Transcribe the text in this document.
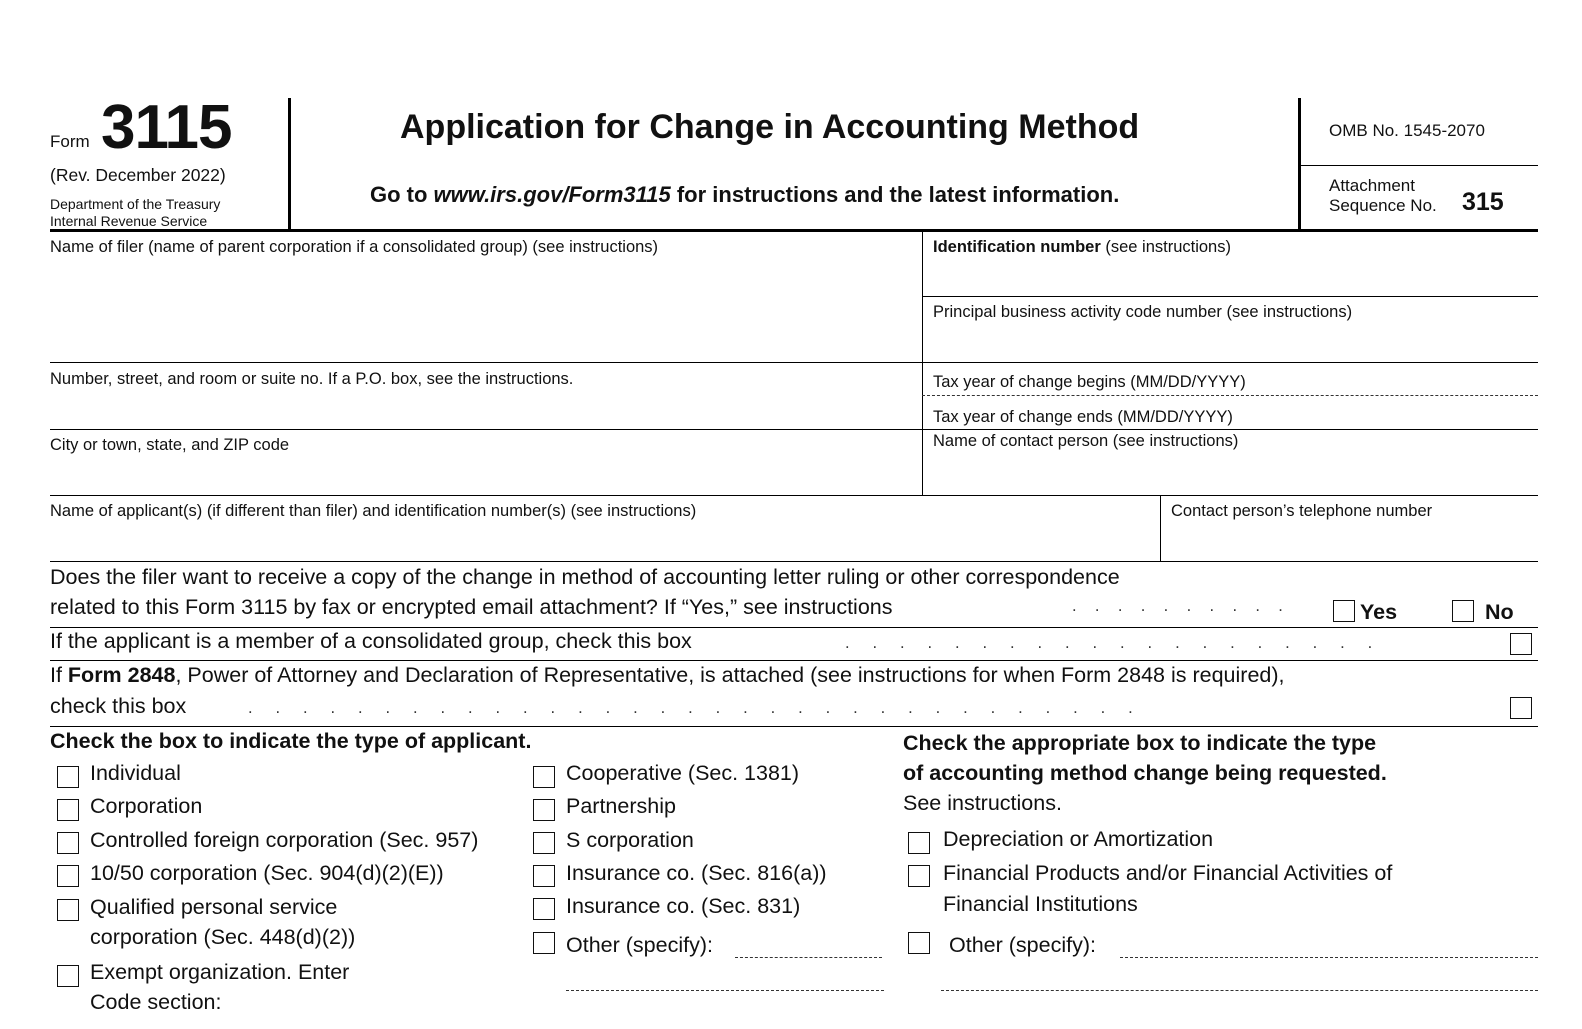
Form 3115
(Rev. December 2022)
Department of the Treasury
Internal Revenue Service
Application for Change in Accounting Method
Go to www.irs.gov/Form3115 for instructions and the latest information.
OMB No. 1545-2070
Attachment
Sequence No. 315
Name of filer (name of parent corporation if a consolidated group) (see instructions)	Identification number (see instructions)
Principal business activity code number (see instructions)
Number, street, and room or suite no. If a P.O. box, see the instructions.	Tax year of change begins (MM/DD/YYYY)
Tax year of change ends (MM/DD/YYYY)
City or town, state, and ZIP code	Name of contact person (see instructions)
Name of applicant(s) (if different than filer) and identification number(s) (see instructions)	Contact person’s telephone number
Does the filer want to receive a copy of the change in method of accounting letter ruling or other correspondence
related to this Form 3115 by fax or encrypted email attachment? If “Yes,” see instructions	.    .    .    .    .    .    .    .    .    .	Yes	No
If the applicant is a member of a consolidated group, check this box	.     .     .     .     .     .     .     .     .     .     .     .     .     .     .     .     .     .     .     .
If Form 2848, Power of Attorney and Declaration of Representative, is attached (see instructions for when Form 2848 is required),
check this box	.     .     .     .     .     .     .     .     .     .     .     .     .     .     .     .     .     .     .     .     .     .     .     .     .     .     .     .     .     .     .     .     .
Check the box to indicate the type of applicant.
Individual
Corporation
Controlled foreign corporation (Sec. 957)
10/50 corporation (Sec. 904(d)(2)(E))
Qualified personal service
corporation (Sec. 448(d)(2))
Exempt organization. Enter
Code section:
Cooperative (Sec. 1381)
Partnership
S corporation
Insurance co. (Sec. 816(a))
Insurance co. (Sec. 831)
Other (specify):
Check the appropriate box to indicate the type
of accounting method change being requested.
See instructions.
Depreciation or Amortization
Financial Products and/or Financial Activities of
Financial Institutions
Other (specify):
